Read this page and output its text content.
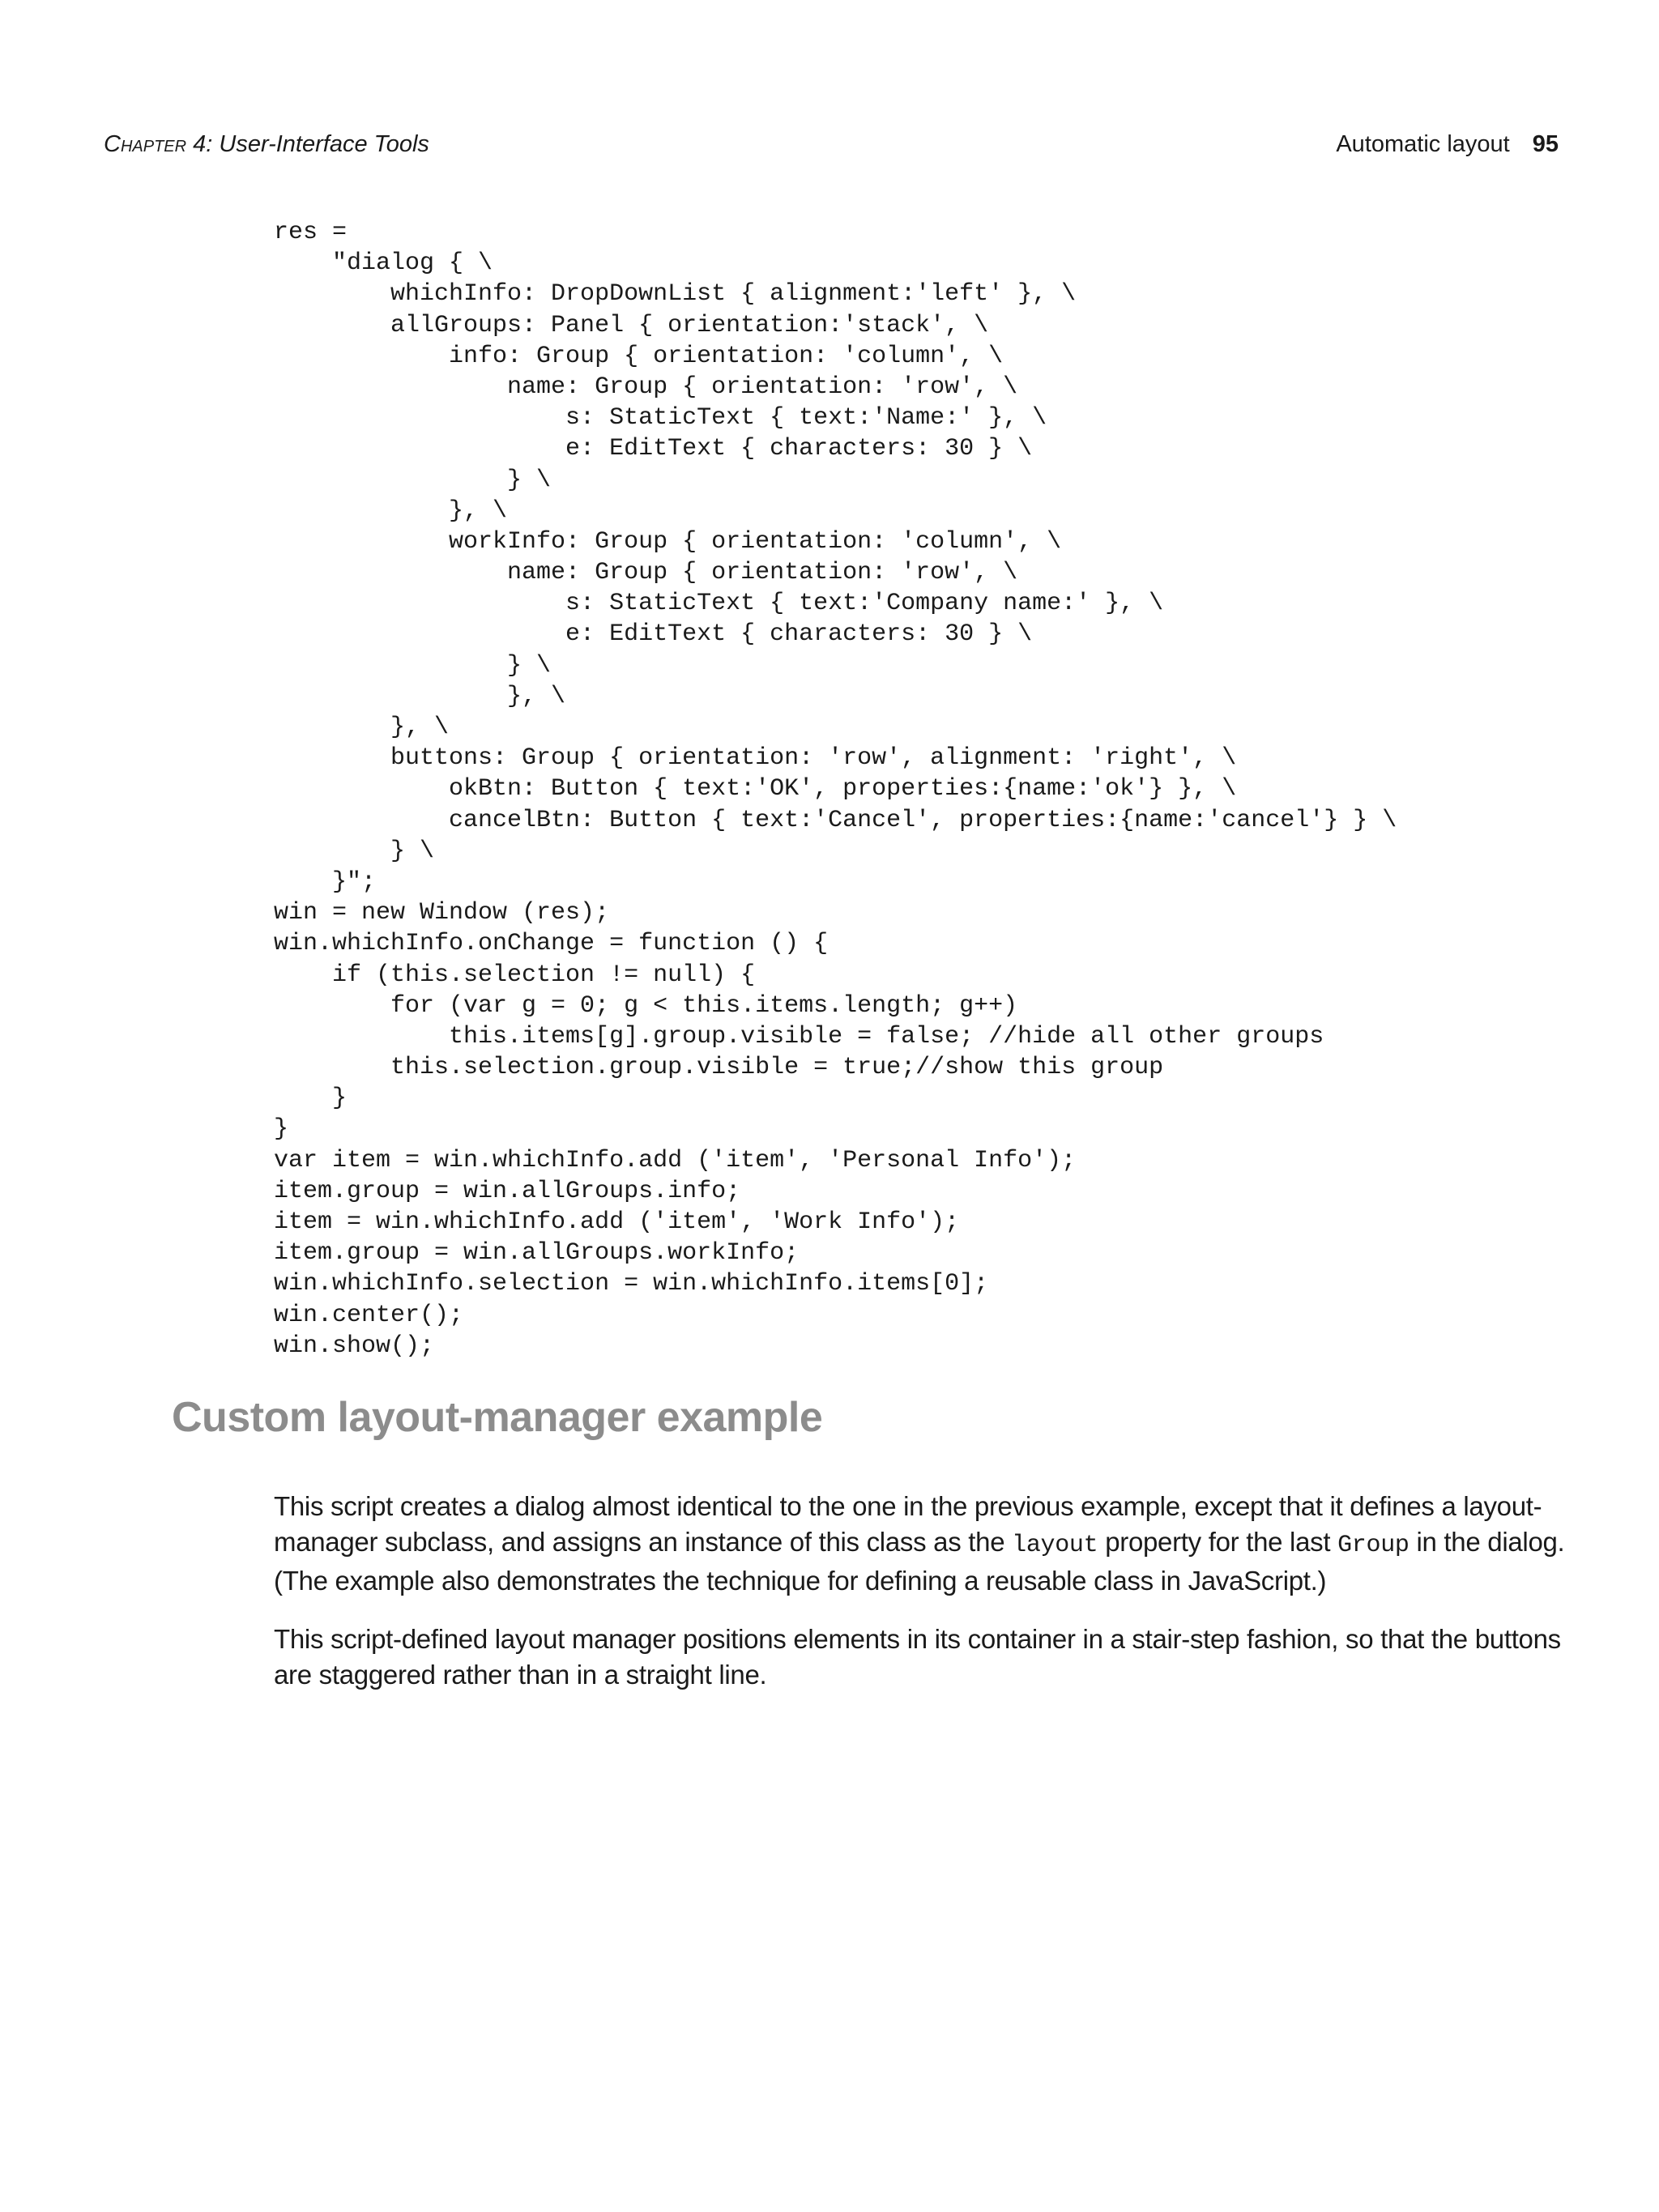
Chapter 4: User-Interface Tools	Automatic layout 95
res =
"dialog { \
whichInfo: DropDownList { alignment:'left' }, \
allGroups: Panel { orientation:'stack', \
info: Group { orientation: 'column', \
name: Group { orientation: 'row', \
s: StaticText { text:'Name:' }, \
e: EditText { characters: 30 } \
} \
}, \
workInfo: Group { orientation: 'column', \
name: Group { orientation: 'row', \
s: StaticText { text:'Company name:' }, \
e: EditText { characters: 30 } \
} \
}, \
}, \
buttons: Group { orientation: 'row', alignment: 'right', \
okBtn: Button { text:'OK', properties:{name:'ok'} }, \
cancelBtn: Button { text:'Cancel', properties:{name:'cancel'} } \
} \
}";
win = new Window (res);
win.whichInfo.onChange = function () {
if (this.selection != null) {
for (var g = 0; g < this.items.length; g++)
this.items[g].group.visible = false; //hide all other groups
this.selection.group.visible = true;//show this group
}
}
var item = win.whichInfo.add ('item', 'Personal Info');
item.group = win.allGroups.info;
item = win.whichInfo.add ('item', 'Work Info');
item.group = win.allGroups.workInfo;
win.whichInfo.selection = win.whichInfo.items[0];
win.center();
win.show();
Custom layout-manager example

This script creates a dialog almost identical to the one in the previous example, except that it defines a layout-manager subclass, and assigns an instance of this class as the layout property for the last Group in the dialog. (The example also demonstrates the technique for defining a reusable class in JavaScript.)

This script-defined layout manager positions elements in its container in a stair-step fashion, so that the buttons are staggered rather than in a straight line.
